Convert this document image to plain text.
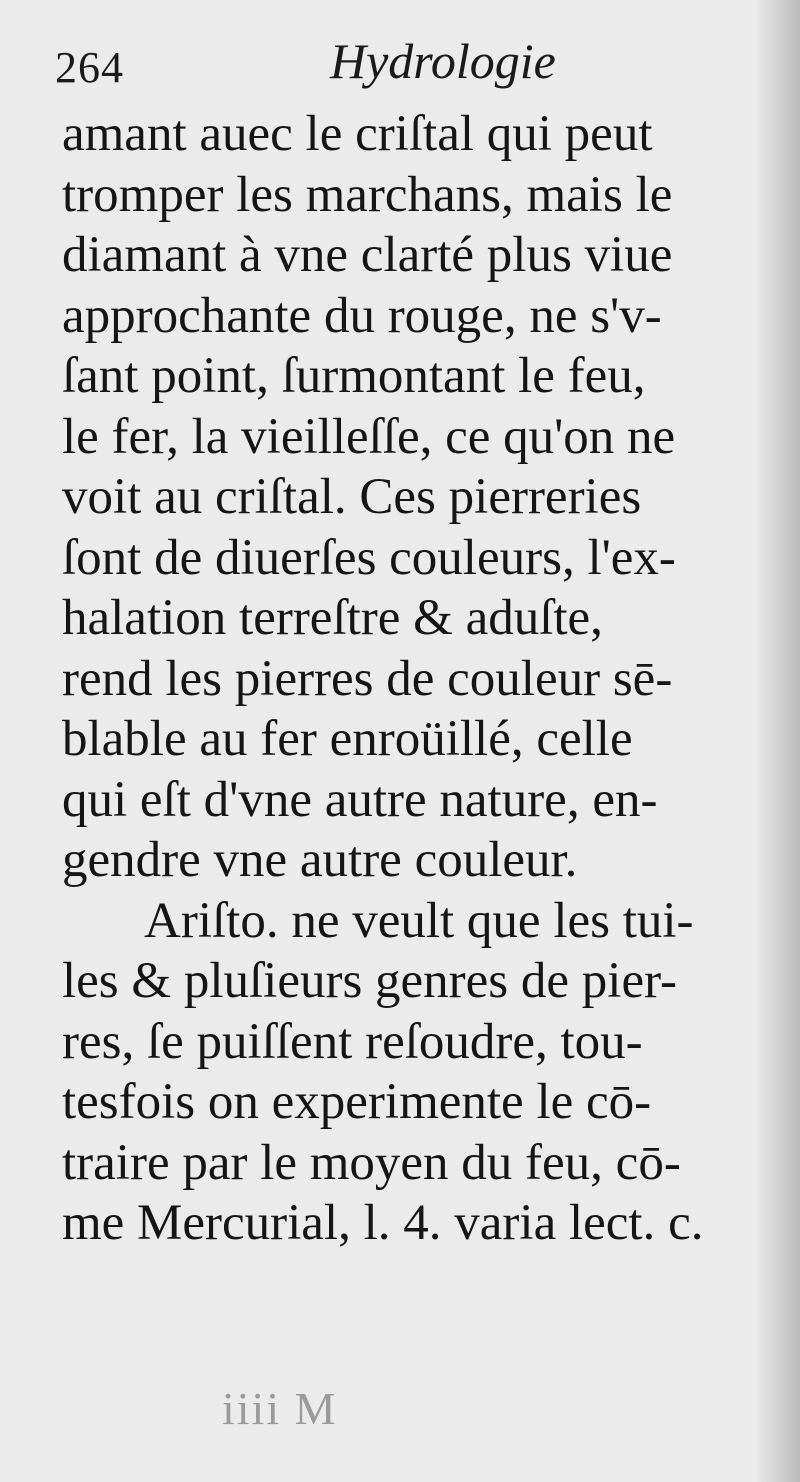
264	Hydrologie
amant auec le criſtal qui peut
tromper les marchans, mais le
diamant à vne clarté plus viue
approchante du rouge, ne s'v-
ſant point, ſurmontant le feu,
le fer, la vieilleſſe, ce qu'on ne
voit au criſtal. Ces pierreries
ſont de diuerſes couleurs, l'ex-
halation terreſtre & aduſte,
rend les pierres de couleur sē-
blable au fer enroüillé, celle
qui eſt d'vne autre nature, en-
gendre vne autre couleur.
Ariſto. ne veult que les tui-
les & pluſieurs genres de pier-
res, ſe puiſſent reſoudre, tou-
tesfois on experimente le cō-
traire par le moyen du feu, cō-
me Mercurial, l. 4. varia lect. c.
iiii M
